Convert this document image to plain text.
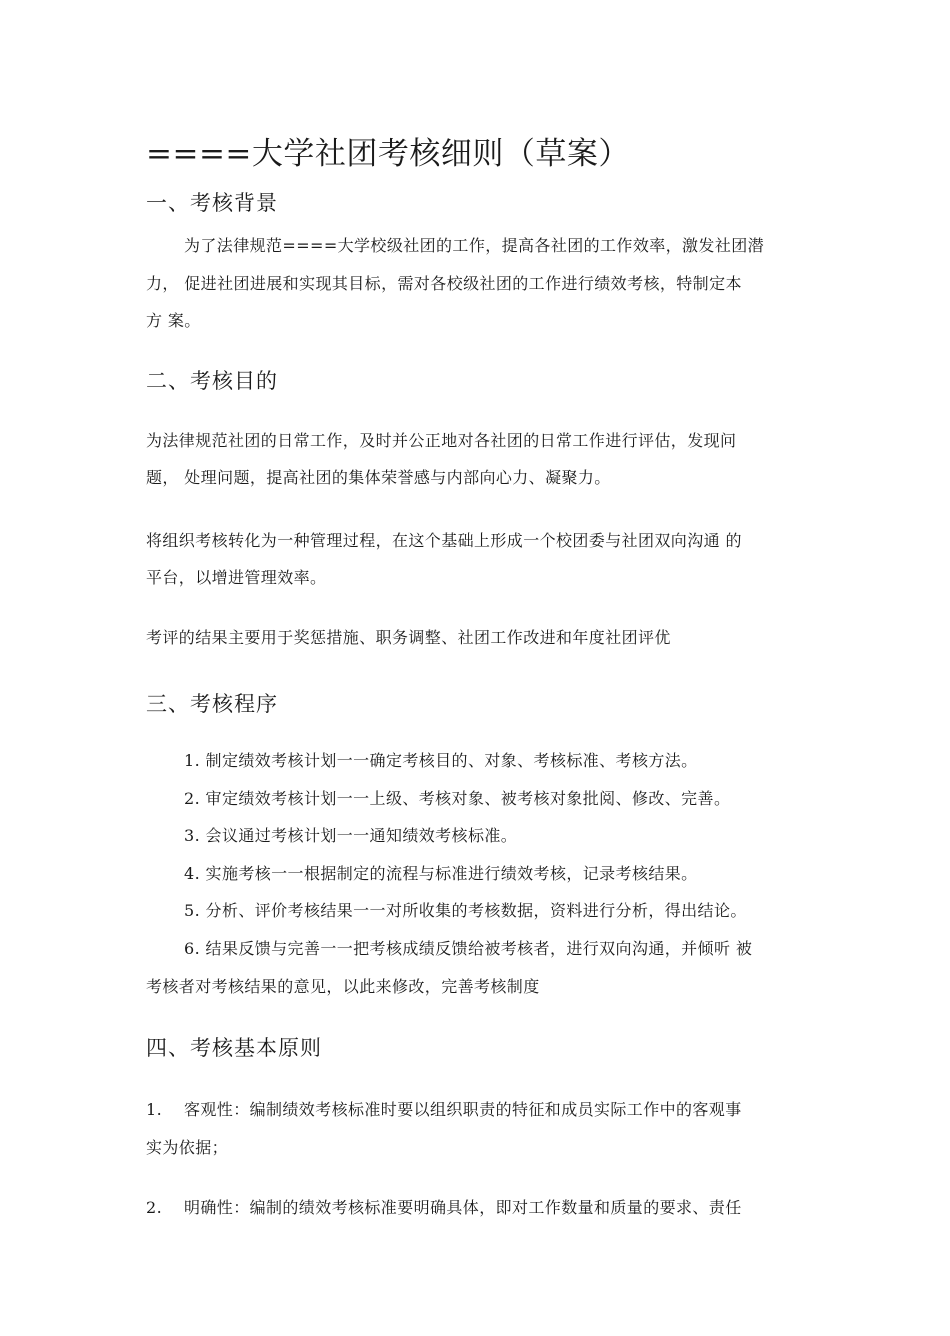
====大学社团考核细则（草案）
一、考核背景
为了法律规范====大学校级社团的工作，提高各社团的工作效率，激发社团潜
力， 促进社团进展和实现其目标，需对各校级社团的工作进行绩效考核，特制定本
方 案。
二、考核目的
为法律规范社团的日常工作，及时并公正地对各社团的日常工作进行评估，发现问
题， 处理问题，提高社团的集体荣誉感与内部向心力、凝聚力。
将组织考核转化为一种管理过程，在这个基础上形成一个校团委与社团双向沟通 的
平台，以增进管理效率。
考评的结果主要用于奖惩措施、职务调整、社团工作改进和年度社团评优
三、考核程序
1. 制定绩效考核计划一一确定考核目的、对象、考核标准、考核方法。
2. 审定绩效考核计划一一上级、考核对象、被考核对象批阅、修改、完善。
3. 会议通过考核计划一一通知绩效考核标准。
4. 实施考核一一根据制定的流程与标准进行绩效考核，记录考核结果。
5. 分析、评价考核结果一一对所收集的考核数据，资料进行分析，得出结论。
6. 结果反馈与完善一一把考核成绩反馈给被考核者，进行双向沟通，并倾听 被
考核者对考核结果的意见，以此来修改，完善考核制度
四、考核基本原则
1. 客观性：编制绩效考核标准时要以组织职责的特征和成员实际工作中的客观事
实为依据；
2. 明确性：编制的绩效考核标准要明确具体，即对工作数量和质量的要求、责任
